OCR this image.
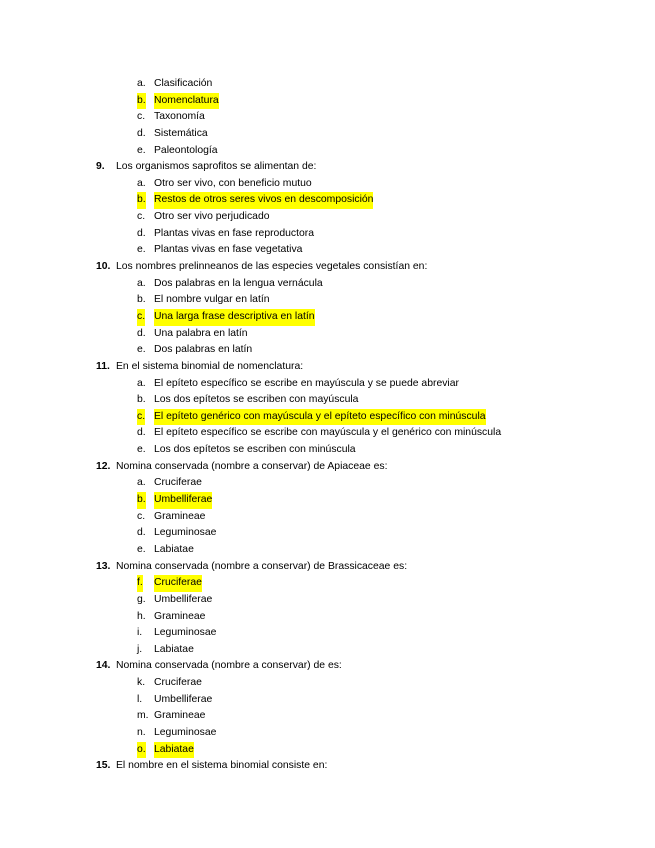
a. Clasificación
b. Nomenclatura
c. Taxonomía
d. Sistemática
e. Paleontología
9. Los organismos saprofitos se alimentan de:
a. Otro ser vivo, con beneficio mutuo
b. Restos de otros seres vivos en descomposición
c. Otro ser vivo perjudicado
d. Plantas vivas en fase reproductora
e. Plantas vivas en fase vegetativa
10. Los nombres prelinneanos de las especies vegetales consistían en:
a. Dos palabras en la lengua vernácula
b. El nombre vulgar en latín
c. Una larga frase descriptiva en latín
d. Una palabra en latín
e. Dos palabras en latín
11. En el sistema binomial de nomenclatura:
a. El epíteto específico se escribe en mayúscula y se puede abreviar
b. Los dos epítetos se escriben con mayúscula
c. El epíteto genérico con mayúscula y el epíteto específico con minúscula
d. El epíteto específico se escribe con mayúscula y el genérico con minúscula
e. Los dos epítetos se escriben con minúscula
12. Nomina conservada (nombre a conservar) de Apiaceae es:
a. Cruciferae
b. Umbelliferae
c. Gramineae
d. Leguminosae
e. Labiatae
13. Nomina conservada (nombre a conservar) de Brassicaceae es:
f. Cruciferae
g. Umbelliferae
h. Gramineae
i. Leguminosae
j. Labiatae
14. Nomina conservada (nombre a conservar) de es:
k. Cruciferae
l. Umbelliferae
m. Gramineae
n. Leguminosae
o. Labiatae
15. El nombre en el sistema binomial consiste en:
